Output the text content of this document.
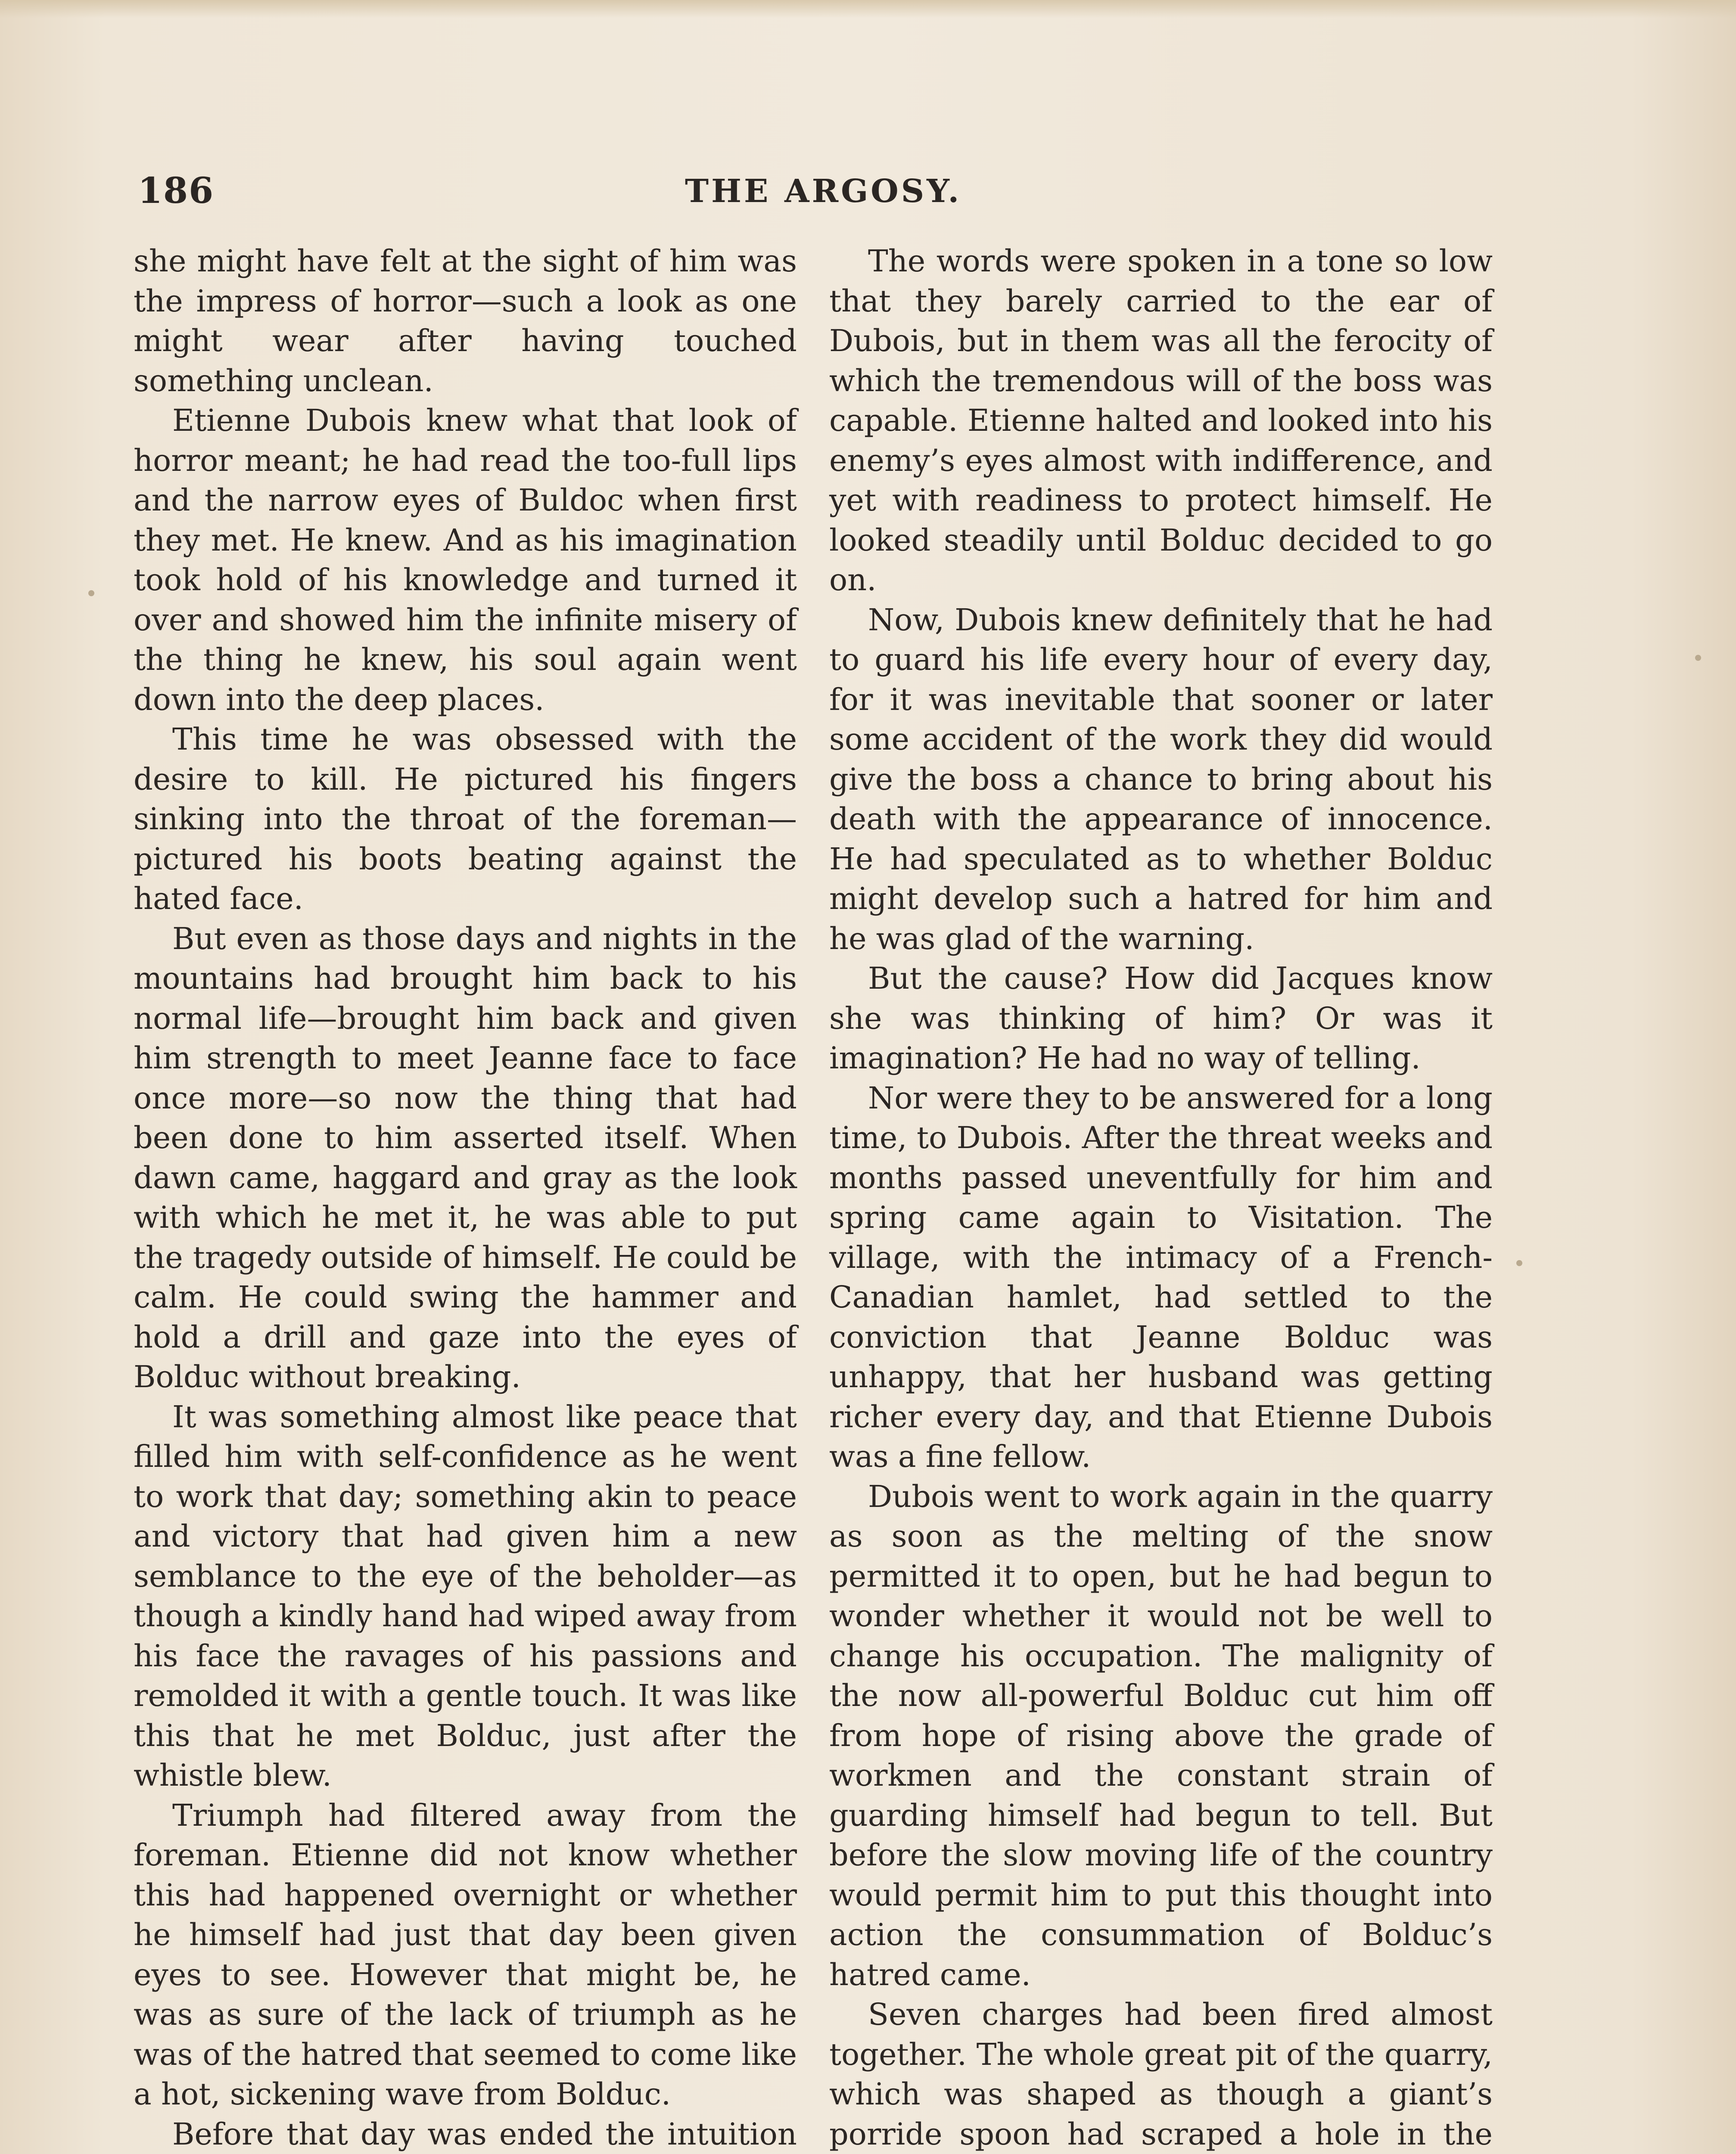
186	THE ARGOSY.

she might have felt at the sight of him was the impress of horror—such a look as one might wear after having touched something unclean.

Etienne Dubois knew what that look of horror meant; he had read the too-full lips and the narrow eyes of Buldoc when first they met. He knew. And as his imagination took hold of his knowledge and turned it over and showed him the infinite misery of the thing he knew, his soul again went down into the deep places.

This time he was obsessed with the desire to kill. He pictured his fingers sinking into the throat of the foreman—pictured his boots beating against the hated face.

But even as those days and nights in the mountains had brought him back to his normal life—brought him back and given him strength to meet Jeanne face to face once more—so now the thing that had been done to him asserted itself. When dawn came, haggard and gray as the look with which he met it, he was able to put the tragedy outside of himself. He could be calm. He could swing the hammer and hold a drill and gaze into the eyes of Bolduc without breaking.

It was something almost like peace that filled him with self-confidence as he went to work that day; something akin to peace and victory that had given him a new semblance to the eye of the beholder—as though a kindly hand had wiped away from his face the ravages of his passions and remolded it with a gentle touch. It was like this that he met Bolduc, just after the whistle blew.

Triumph had filtered away from the foreman. Etienne did not know whether this had happened overnight or whether he himself had just that day been given eyes to see. However that might be, he was as sure of the lack of triumph as he was of the hatred that seemed to come like a hot, sickening wave from Bolduc.

Before that day was ended the intuition

The words were spoken in a tone so low that they barely carried to the ear of Dubois, but in them was all the ferocity of which the tremendous will of the boss was capable. Etienne halted and looked into his enemy’s eyes almost with indifference, and yet with readiness to protect himself. He looked steadily until Bolduc decided to go on.

Now, Dubois knew definitely that he had to guard his life every hour of every day, for it was inevitable that sooner or later some accident of the work they did would give the boss a chance to bring about his death with the appearance of innocence. He had speculated as to whether Bolduc might develop such a hatred for him and he was glad of the warning.

But the cause? How did Jacques know she was thinking of him? Or was it imagination? He had no way of telling.

Nor were they to be answered for a long time, to Dubois. After the threat weeks and months passed uneventfully for him and spring came again to Visitation. The village, with the intimacy of a French-Canadian hamlet, had settled to the conviction that Jeanne Bolduc was unhappy, that her husband was getting richer every day, and that Etienne Dubois was a fine fellow.

Dubois went to work again in the quarry as soon as the melting of the snow permitted it to open, but he had begun to wonder whether it would not be well to change his occupation. The malignity of the now all-powerful Bolduc cut him off from hope of rising above the grade of workmen and the constant strain of guarding himself had begun to tell. But before the slow moving life of the country would permit him to put this thought into action the consummation of Bolduc’s hatred came.

Seven charges had been fired almost together. The whole great pit of the quarry, which was shaped as though a giant’s porride spoon had scraped a hole in the
